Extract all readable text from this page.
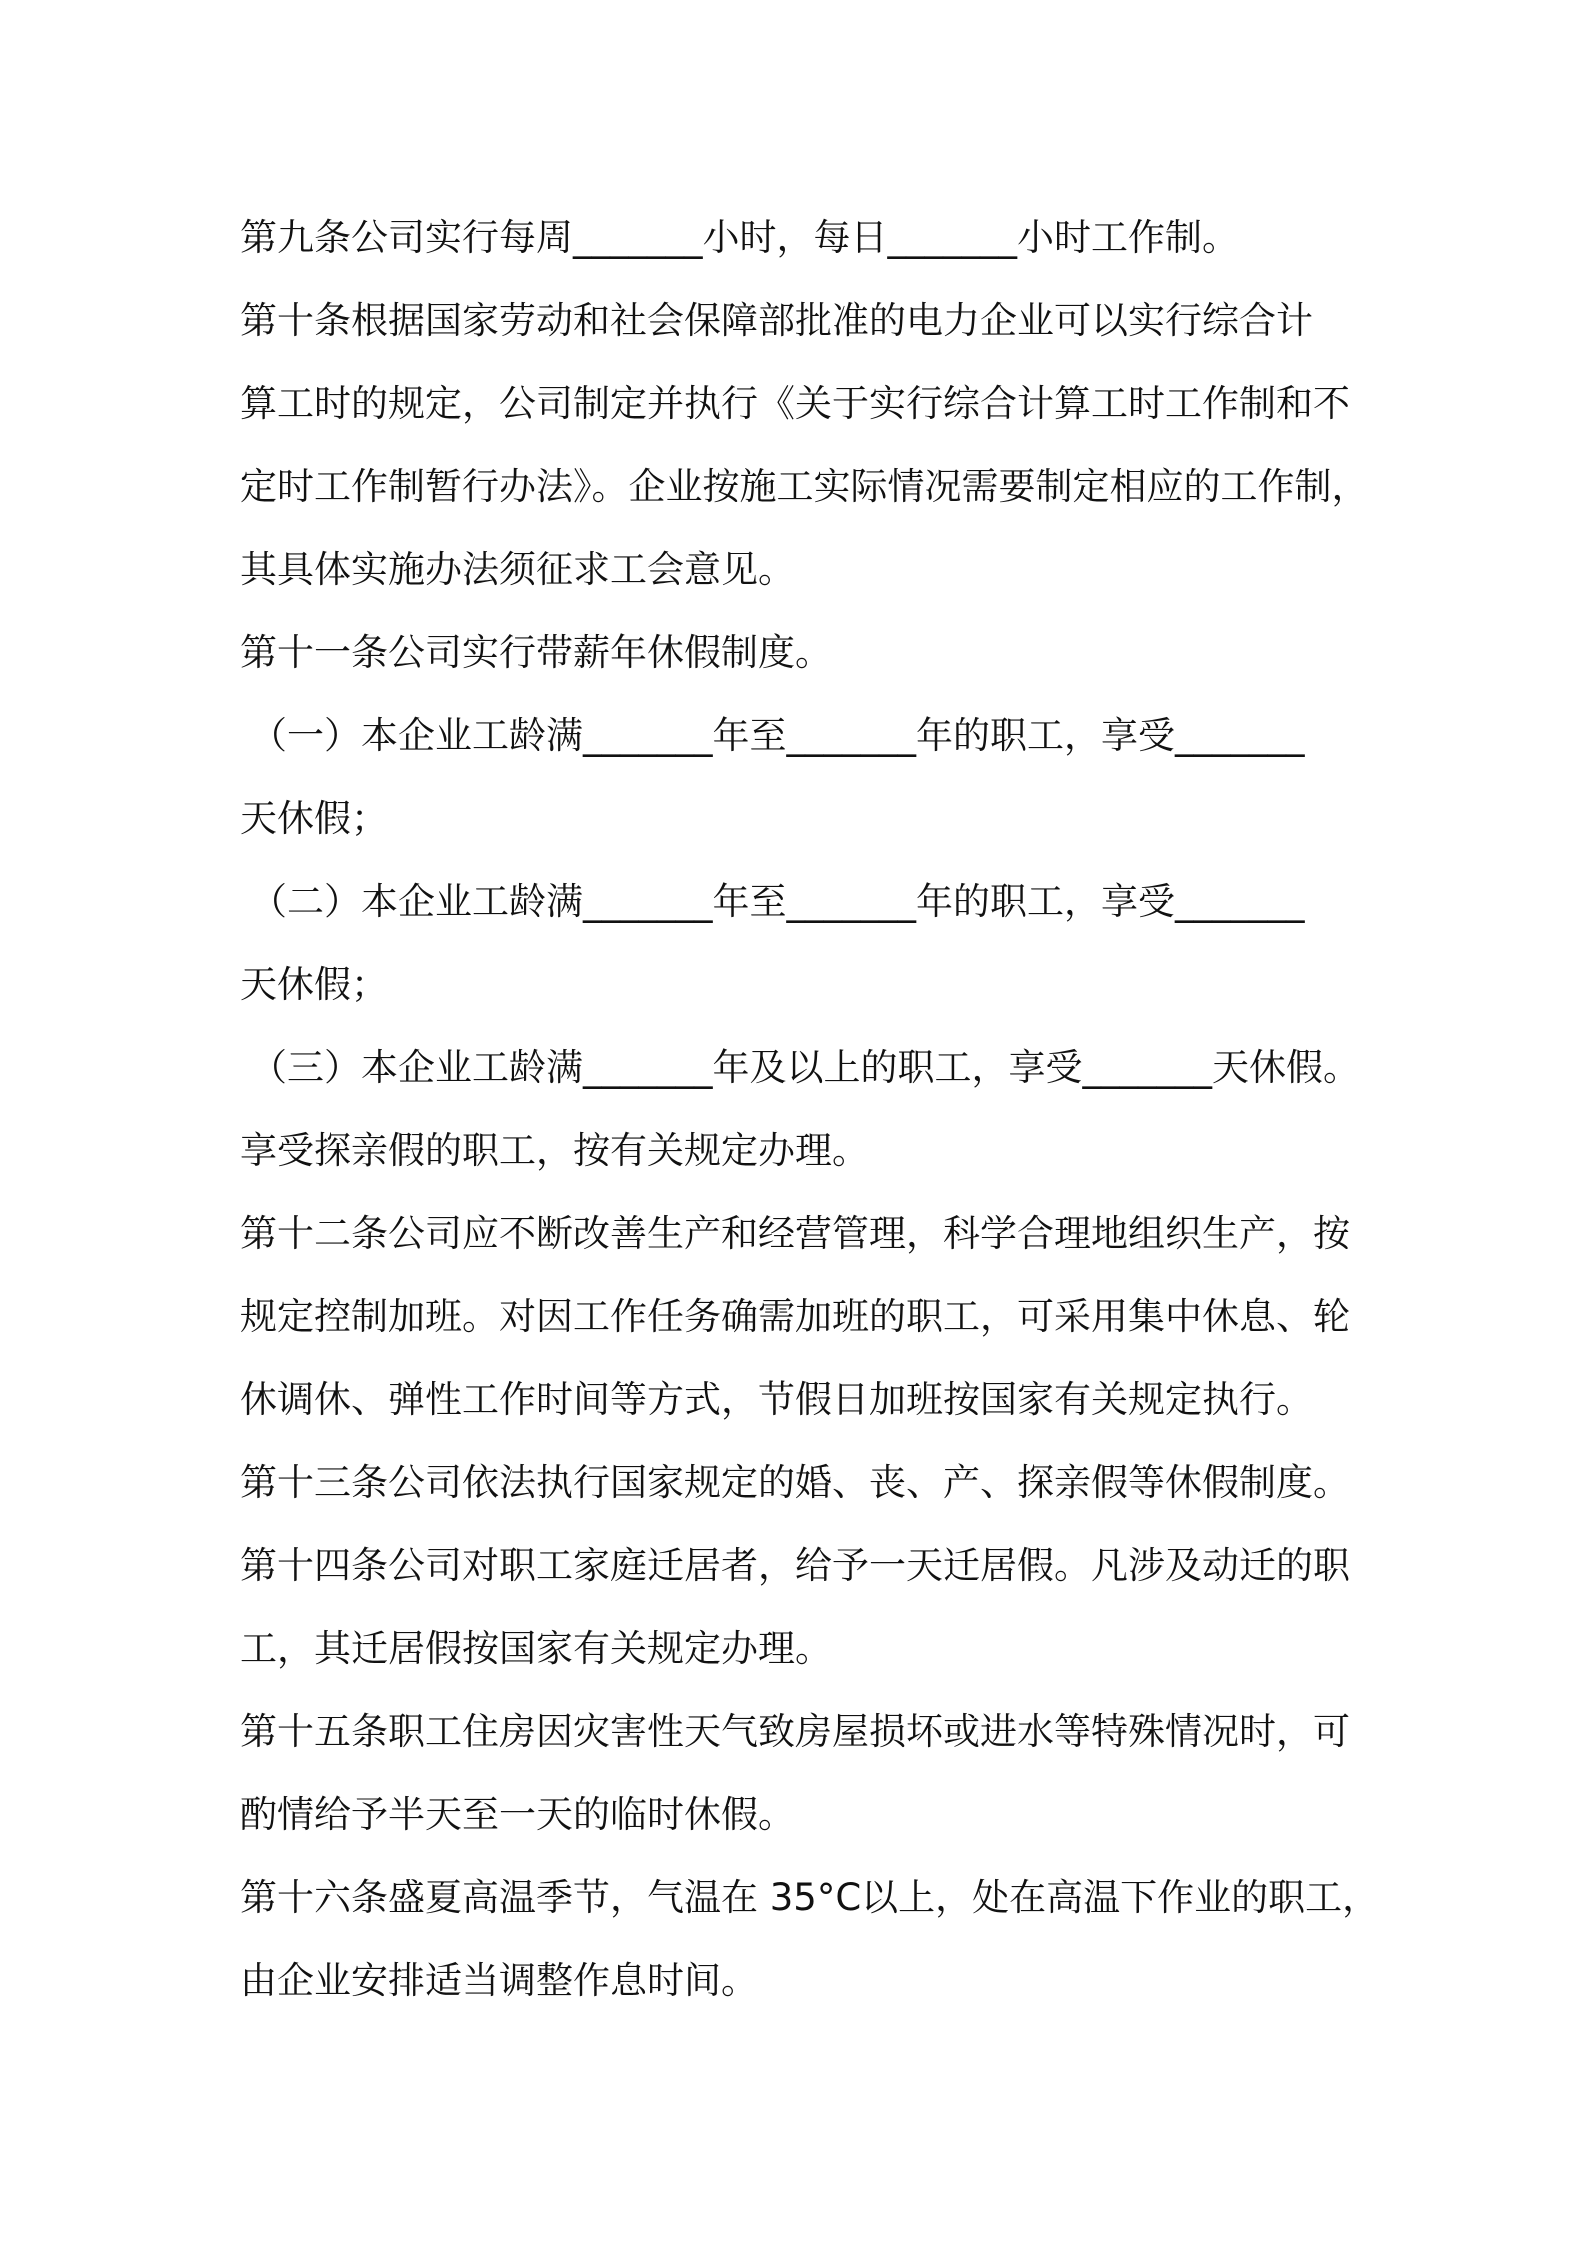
第九条公司实行每周_______小时，每日_______小时工作制。
第十条根据国家劳动和社会保障部批准的电力企业可以实行综合计
算工时的规定，公司制定并执行《关于实行综合计算工时工作制和不
定时工作制暂行办法》。企业按施工实际情况需要制定相应的工作制，
其具体实施办法须征求工会意见。
第十一条公司实行带薪年休假制度。
（一）本企业工龄满_______年至_______年的职工，享受_______
天休假；
（二）本企业工龄满_______年至_______年的职工，享受_______
天休假；
（三）本企业工龄满_______年及以上的职工，享受_______天休假。
享受探亲假的职工，按有关规定办理。
第十二条公司应不断改善生产和经营管理，科学合理地组织生产，按
规定控制加班。对因工作任务确需加班的职工，可采用集中休息、轮
休调休、弹性工作时间等方式，节假日加班按国家有关规定执行。
第十三条公司依法执行国家规定的婚、丧、产、探亲假等休假制度。
第十四条公司对职工家庭迁居者，给予一天迁居假。凡涉及动迁的职
工，其迁居假按国家有关规定办理。
第十五条职工住房因灾害性天气致房屋损坏或进水等特殊情况时，可
酌情给予半天至一天的临时休假。
第十六条盛夏高温季节，气温在 35°C以上，处在高温下作业的职工，
由企业安排适当调整作息时间。
